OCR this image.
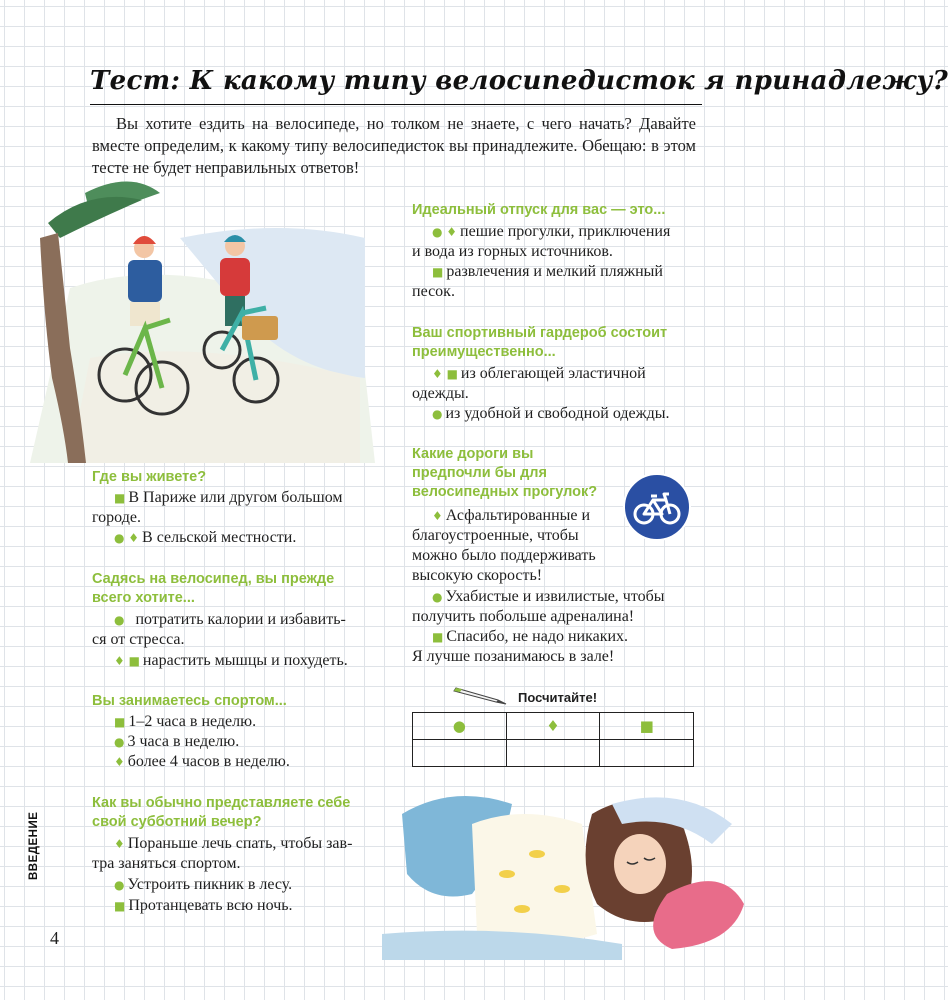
Тест: К какому типу велосипедисток я принадлежу?
Вы хотите ездить на велосипеде, но толком не знаете, с чего начать? Давайте вместе определим, к какому типу велосипедисток вы принадлежите. Обещаю: в этом тесте не будет неправильных ответов!
Идеальный отпуск для вас — это...
● ♦ пешие прогулки, приключения
и вода из горных источников.
■ развлечения и мелкий пляжный
песок.
Ваш спортивный гардероб состоит
преимущественно...
♦ ■ из облегающей эластичной
одежды.
● из удобной и свободной одежды.
Какие дороги вы
предпочли бы для
велосипедных прогулок?
♦ Асфальтированные и
благоустроенные, чтобы
можно было поддерживать
высокую скорость!
● Ухабистые и извилистые, чтобы
получить побольше адреналина!
■ Спасибо, не надо никаких.
Я лучше позанимаюсь в зале!
Посчитайте!
●	♦	■

Где вы живете?
■ В Париже или другом большом
городе.
● ♦ В сельской местности.
Садясь на велосипед, вы прежде
всего хотите...
● потратить калории и избавить-
ся от стресса.
♦ ■ нарастить мышцы и похудеть.
Вы занимаетесь спортом...
■ 1–2 часа в неделю.
● 3 часа в неделю.
♦ более 4 часов в неделю.
Как вы обычно представляете себе
свой субботний вечер?
♦ Пораньше лечь спать, чтобы зав-
тра заняться спортом.
● Устроить пикник в лесу.
■ Протанцевать всю ночь.
ВВЕДЕНИЕ
4
